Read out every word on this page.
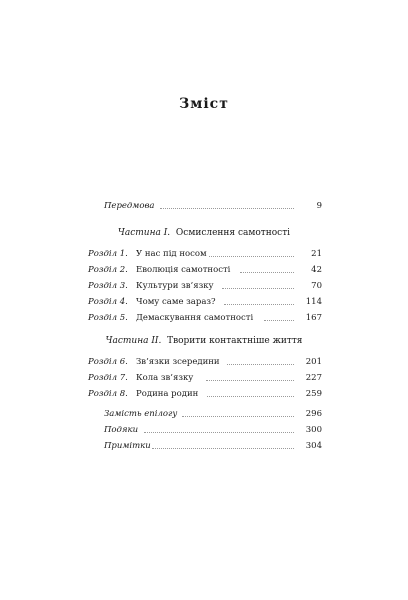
Зміст
Передмова	9
Частина I. Осмислення самотності
Розділ 1. У нас під носом	21
Розділ 2. Еволюція самотності	42
Розділ 3. Культури зв’язку	70
Розділ 4. Чому саме зараз?	114
Розділ 5. Демаскування самотності	167
Частина II. Творити контактніше життя
Розділ 6. Зв’язки зсередини	201
Розділ 7. Кола зв’язку	227
Розділ 8. Родина родин	259
Замість епілогу	296
Подяки	300
Примітки	304
